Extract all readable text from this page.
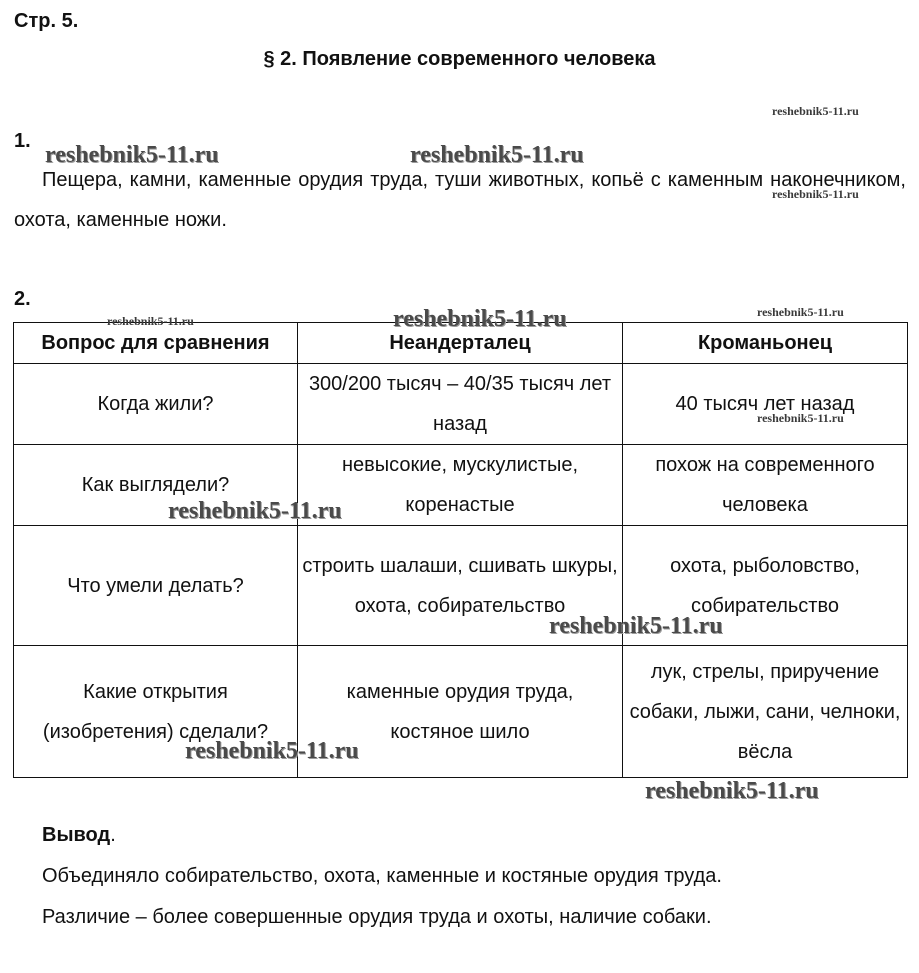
Стр. 5.
§ 2. Появление современного человека
reshebnik5-11.ru
1.
reshebnik5-11.ru	reshebnik5-11.ru
Пещера, камни, каменные орудия труда, туши животных, копьё с каменным наконечником, охота, каменные ножи.
reshebnik5-11.ru
2.
reshebnik5-11.ru
Вопрос для сравнения	Неандерталец	Кроманьонец
Когда жили?	300/200 тысяч – 40/35 тысяч лет назад	40 тысяч лет назад
Как выглядели?	невысокие, мускулистые, коренастые	похож на современного человека
Что умели делать?	строить шалаши, сшивать шкуры, охота, собирательство	охота, рыболовство, собирательство
Какие открытия (изобретения) сделали?	каменные орудия труда, костяное шило	лук, стрелы, приручение собаки, лыжи, сани, челноки, вёсла
reshebnik5-11.ru	reshebnik5-11.ru
reshebnik5-11.ru
reshebnik5-11.ru
reshebnik5-11.ru
reshebnik5-11.ru
reshebnik5-11.ru
Вывод.
Объединяло собирательство, охота, каменные и костяные орудия труда.
Различие – более совершенные орудия труда и охоты, наличие собаки.
